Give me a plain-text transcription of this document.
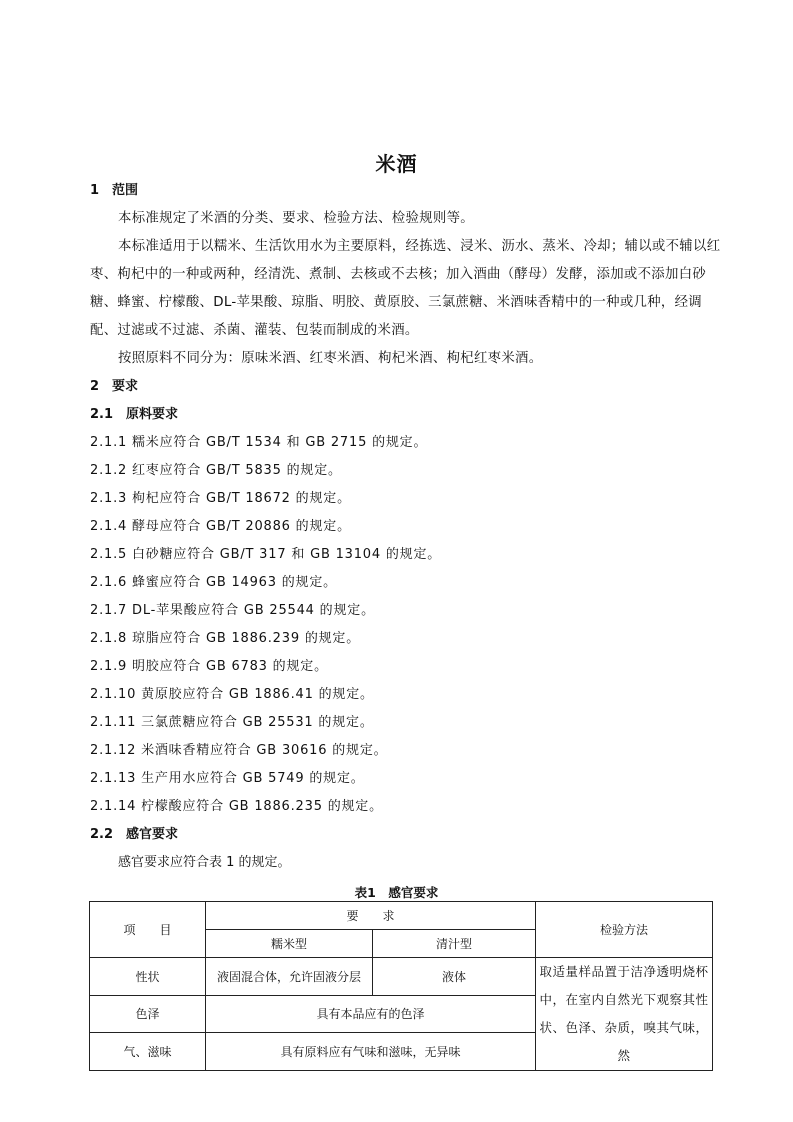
米酒
1　范围
本标准规定了米酒的分类、要求、检验方法、检验规则等。
本标准适用于以糯米、生活饮用水为主要原料，经拣选、浸米、沥水、蒸米、冷却；辅以或不辅以红枣、枸杞中的一种或两种，经清洗、煮制、去核或不去核；加入酒曲（酵母）发酵，添加或不添加白砂糖、蜂蜜、柠檬酸、DL-苹果酸、琼脂、明胶、黄原胶、三氯蔗糖、米酒味香精中的一种或几种，经调配、过滤或不过滤、杀菌、灌装、包装而制成的米酒。
按照原料不同分为：原味米酒、红枣米酒、枸杞米酒、枸杞红枣米酒。
2　要求
2.1　原料要求
2.1.1 糯米应符合 GB/T 1534 和 GB 2715 的规定。
2.1.2 红枣应符合 GB/T 5835 的规定。
2.1.3 枸杞应符合 GB/T 18672 的规定。
2.1.4 酵母应符合 GB/T 20886 的规定。
2.1.5 白砂糖应符合 GB/T 317 和 GB 13104 的规定。
2.1.6 蜂蜜应符合 GB 14963 的规定。
2.1.7 DL-苹果酸应符合 GB 25544 的规定。
2.1.8 琼脂应符合 GB 1886.239 的规定。
2.1.9 明胶应符合 GB 6783 的规定。
2.1.10 黄原胶应符合 GB 1886.41 的规定。
2.1.11 三氯蔗糖应符合 GB 25531 的规定。
2.1.12 米酒味香精应符合 GB 30616 的规定。
2.1.13 生产用水应符合 GB 5749 的规定。
2.1.14 柠檬酸应符合 GB 1886.235 的规定。
2.2　感官要求
感官要求应符合表 1 的规定。
表1　感官要求
项　　目	要　　求		检验方法
	糯米型	清汁型	
性状	液固混合体，允许固液分层	液体	取适量样品置于洁净透明烧杯中，在室内自然光下观察其性状、色泽、杂质，嗅其气味，然
色泽	具有本品应有的色泽		
气、滋味	具有原料应有气味和滋味，无异味		
